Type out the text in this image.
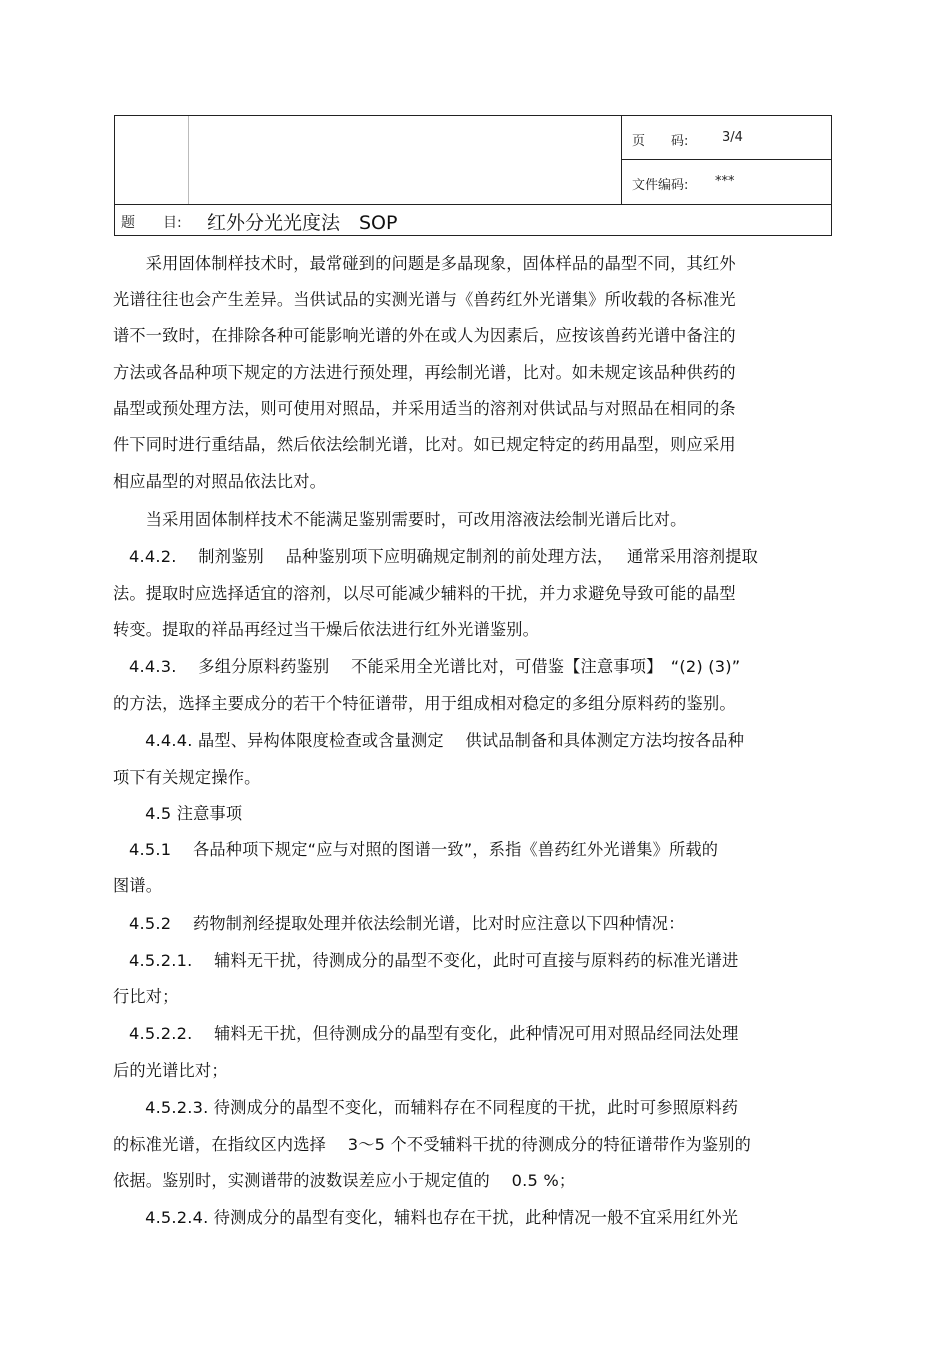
页　　码:	3/4
文件编码: ***
题　　目: 红外分光光度法　SOP
　　采用固体制样技术时，最常碰到的问题是多晶现象，固体样品的晶型不同，其红外
光谱往往也会产生差异。当供试品的实测光谱与《兽药红外光谱集》所收载的各标准光
谱不一致时，在排除各种可能影响光谱的外在或人为因素后，应按该兽药光谱中备注的
方法或各品种项下规定的方法进行预处理，再绘制光谱，比对。如未规定该品种供药的
晶型或预处理方法，则可使用对照品，并采用适当的溶剂对供试品与对照品在相同的条
件下同时进行重结晶，然后依法绘制光谱，比对。如已规定特定的药用晶型，则应采用
相应晶型的对照品依法比对。
　　当采用固体制样技术不能满足鉴别需要时，可改用溶液法绘制光谱后比对。
4.4.2.　 制剂鉴别　 品种鉴别项下应明确规定制剂的前处理方法，　 通常采用溶剂提取
法。提取时应选择适宜的溶剂，以尽可能减少辅料的干扰，并力求避免导致可能的晶型
转变。提取的祥品再经过当干燥后依法进行红外光谱鉴别。
4.4.3.　 多组分原料药鉴别　 不能采用全光谱比对，可借鉴【注意事项】　“(2) (3)”
的方法，选择主要成分的若干个特征谱带，用于组成相对稳定的多组分原料药的鉴别。
4.4.4. 晶型、异构体限度检查或含量测定　 供试品制备和具体测定方法均按各品种
项下有关规定操作。
4.5 注意事项
4.5.1　 各品种项下规定“应与对照的图谱一致”，系指《兽药红外光谱集》所载的
图谱。
4.5.2　 药物制剂经提取处理并依法绘制光谱，比对时应注意以下四种情况：
4.5.2.1.　 辅料无干扰，待测成分的晶型不变化，此时可直接与原料药的标准光谱进
行比对；
4.5.2.2.　 辅料无干扰，但待测成分的晶型有变化，此种情况可用对照品经同法处理
后的光谱比对；
4.5.2.3. 待测成分的晶型不变化，而辅料存在不同程度的干扰，此时可参照原料药
的标准光谱，在指纹区内选择　 3～5 个不受辅料干扰的待测成分的特征谱带作为鉴别的
依据。鉴别时，实测谱带的波数误差应小于规定值的　 0.5 %；
4.5.2.4. 待测成分的晶型有变化，辅料也存在干扰，此种情况一般不宜采用红外光
